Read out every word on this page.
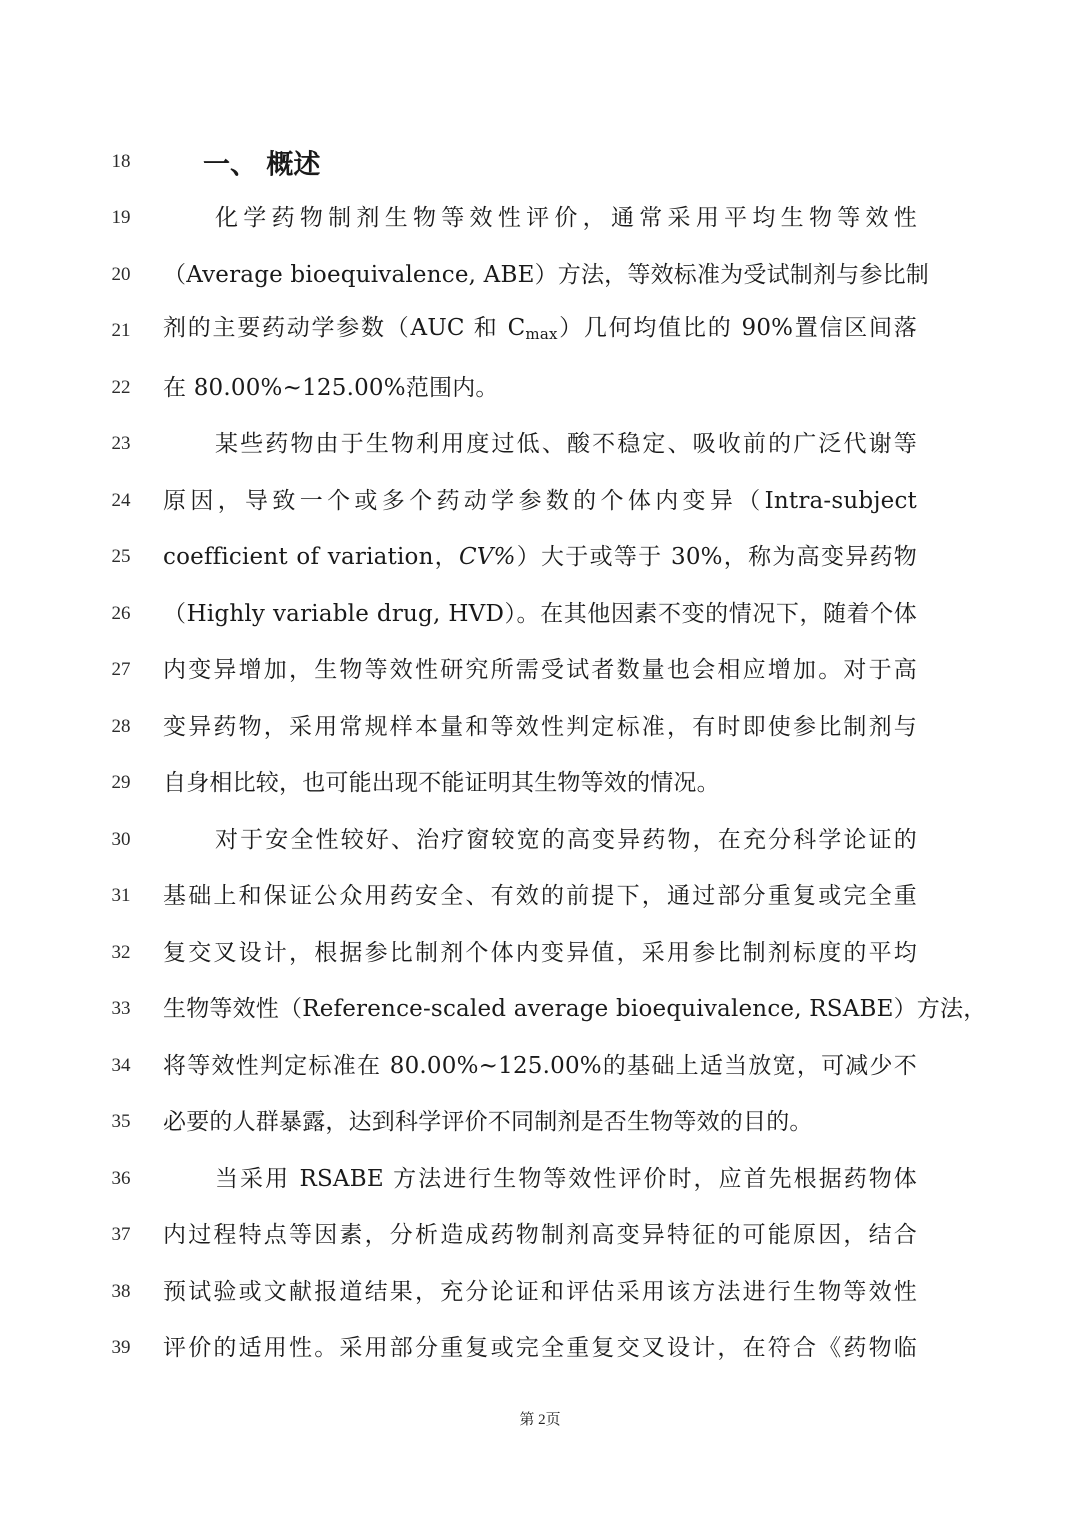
18	一、 概述
19	化学药物制剂生物等效性评价，通常采用平均生物等效性
20	（Average bioequivalence, ABE）方法，等效标准为受试制剂与参比制
21	剂的主要药动学参数（AUC 和 $C_{max}$）几何均值比的 90%置信区间落
22	在 80.00%~125.00%范围内。
23	某些药物由于生物利用度过低、酸不稳定、吸收前的广泛代谢等
24	原因，导致一个或多个药动学参数的个体内变异（Intra-subject
25	coefficient of variation，CV%）大于或等于 30%，称为高变异药物
26	（Highly variable drug, HVD）。在其他因素不变的情况下，随着个体
27	内变异增加，生物等效性研究所需受试者数量也会相应增加。对于高
28	变异药物，采用常规样本量和等效性判定标准，有时即使参比制剂与
29	自身相比较，也可能出现不能证明其生物等效的情况。
30	对于安全性较好、治疗窗较宽的高变异药物，在充分科学论证的
31	基础上和保证公众用药安全、有效的前提下，通过部分重复或完全重
32	复交叉设计，根据参比制剂个体内变异值，采用参比制剂标度的平均
33	生物等效性（Reference-scaled average bioequivalence, RSABE）方法，
34	将等效性判定标准在 80.00%~125.00%的基础上适当放宽，可减少不
35	必要的人群暴露，达到科学评价不同制剂是否生物等效的目的。
36	当采用 RSABE 方法进行生物等效性评价时，应首先根据药物体
37	内过程特点等因素，分析造成药物制剂高变异特征的可能原因，结合
38	预试验或文献报道结果，充分论证和评估采用该方法进行生物等效性
39	评价的适用性。采用部分重复或完全重复交叉设计，在符合《药物临
第 2页
